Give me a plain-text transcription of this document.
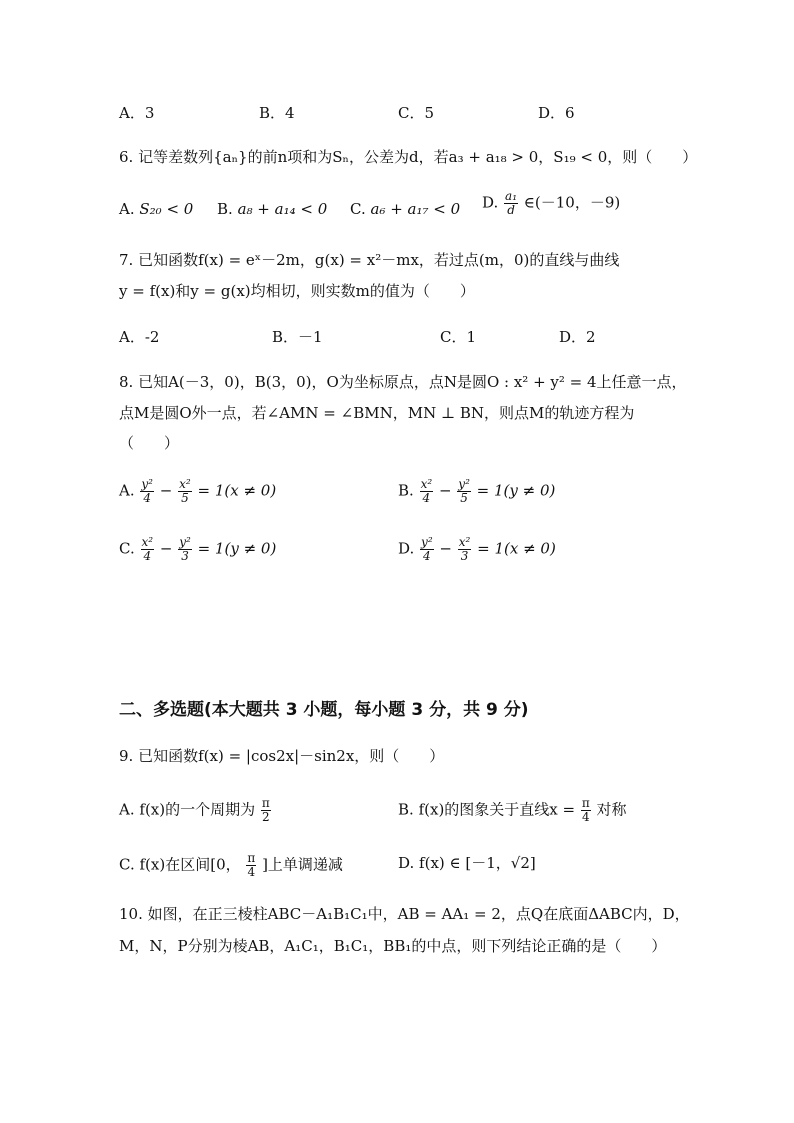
A．3	B．4	C．5	D．6
6. 记等差数列{aₙ}的前n项和为Sₙ，公差为d，若a₃ + a₁₈ > 0，S₁₉ < 0，则（　　）
A. S₂₀ < 0 B. a₈ + a₁₄ < 0 C. a₆ + a₁₇ < 0 D. $\frac{\text{a₁}}{d}$ ∈(－10，－9)
7. 已知函数f(x) = eˣ－2m，g(x) = x²－mx，若过点(m，0)的直线与曲线
y = f(x)和y = g(x)均相切，则实数m的值为（　　）
A．-2	B．－1	C．1	D．2
8. 已知A(－3，0)，B(3，0)，O为坐标原点，点N是圆O : x² + y² = 4上任意一点，
点M是圆O外一点，若∠AMN = ∠BMN，MN ⊥ BN，则点M的轨迹方程为
（　　）
A. $\frac{\text{y²}}{4} - \frac{\text{x²}}{5} = 1(x \ne 0)$	B. $\frac{\text{x²}}{4} - \frac{\text{y²}}{5} = 1(y \ne 0)$
C. $\frac{\text{x²}}{4} - \frac{\text{y²}}{3} = 1(y \ne 0)$	D. $\frac{\text{y²}}{4} - \frac{\text{x²}}{3} = 1(x \ne 0)$
二、多选题(本大题共 3 小题，每小题 3 分，共 9 分)
9. 已知函数f(x) = |cos2x|－sin2x，则（　　）
A. f(x)的一个周期为 $\frac{\pi}{2}$	B. f(x)的图象关于直线$x = \frac{\pi}{4}$ 对称
C. f(x)在区间[0， $\frac{\pi}{4}$ ]上单调递减	D. f(x) ∈ [－1，√2]
10. 如图，在正三棱柱ABC－A₁B₁C₁中，AB = AA₁ = 2，点Q在底面ΔABC内，D，
M，N，P分别为棱AB，A₁C₁，B₁C₁，BB₁的中点，则下列结论正确的是（　　）
